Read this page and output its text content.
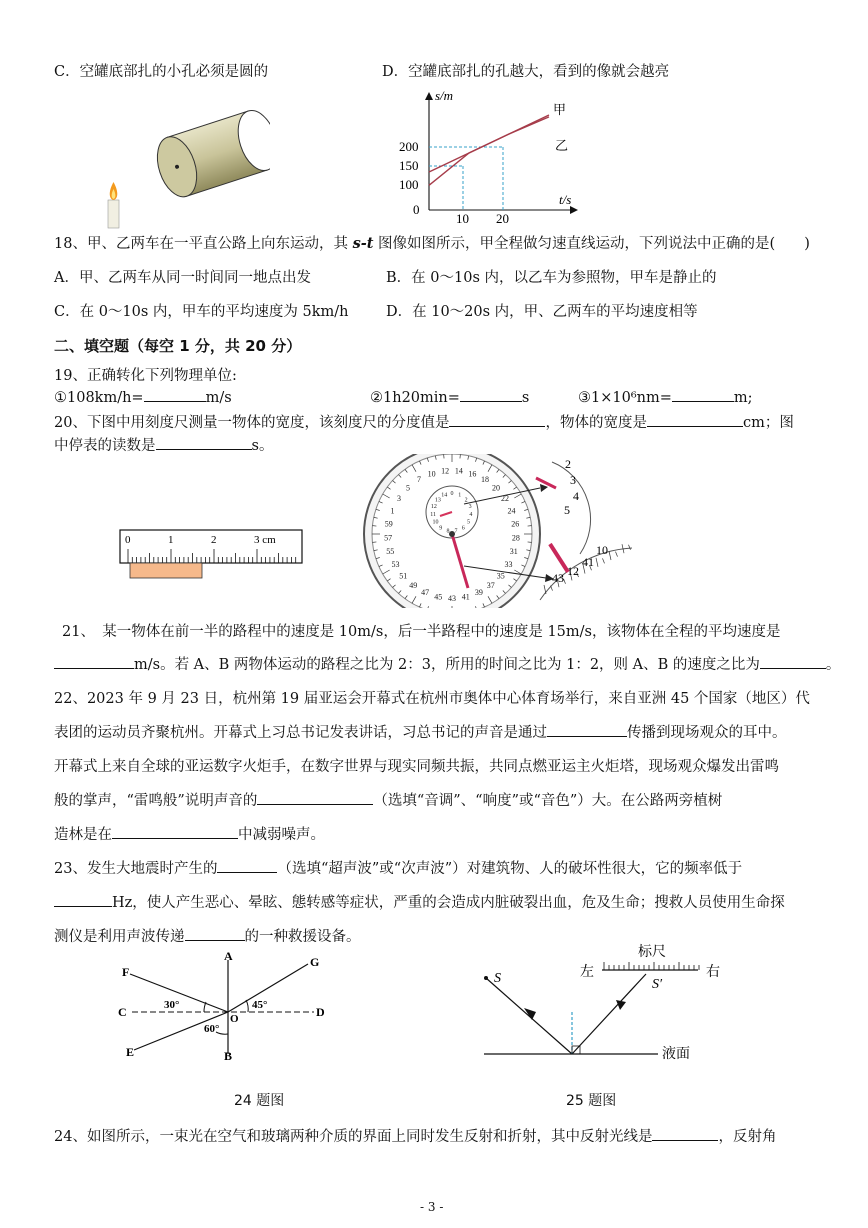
C．空罐底部扎的小孔必须是圆的	D．空罐底部扎的孔越大，看到的像就会越亮
s/m
t/s
200
150
100
0
10 20
甲
乙
18、甲、乙两车在一平直公路上向东运动，其 s-t 图像如图所示，甲全程做匀速直线运动，下列说法中正确的是(　　)
A．甲、乙两车从同一时间同一地点出发	B．在 0～10s 内，以乙车为参照物，甲车是静止的
C．在 0～10s 内，甲车的平均速度为 5km/h	D．在 10～20s 内，甲、乙两车的平均速度相等
二、填空题（每空 1 分，共 20 分）
19、正确转化下列物理单位:
①108km/h=	m/s	②1h20min=	s	③1×10⁶nm=	m;
20、下图中用刻度尺测量一物体的宽度，该刻度尺的分度值是	，物体的宽度是	cm；图
中停表的读数是	s。
0	1	2	3 cm
43
45
47
49
51
53
55
57
59
1
3
5
7
10 12 14 16
18
20
22
24
26
28
31
33
35
37
39
41
0 1
2
3
4
5
6
7
8
9
10
11
12
13
14
2
3
4
5
10
41
43 12
21、　某一物体在前一半的路程中的速度是 10m/s，后一半路程中的速度是 15m/s，该物体在全程的平均速度是
m/s。若 A、B 两物体运动的路程之比为 2：3，所用的时间之比为 1：2，则 A、B 的速度之比为	。
22、2023 年 9 月 23 日，杭州第 19 届亚运会开幕式在杭州市奥体中心体育场举行，来自亚洲 45 个国家（地区）代
表团的运动员齐聚杭州。开幕式上习总书记发表讲话，习总书记的声音是通过	传播到现场观众的耳中。
开幕式上来自全球的亚运数字火炬手，在数字世界与现实同频共振，共同点燃亚运主火炬塔，现场观众爆发出雷鸣
般的掌声，“雷鸣般”说明声音的	（选填“音调”、“响度”或“音色”）大。在公路两旁植树
造林是在	中减弱噪声。
23、发生大地震时产生的	（选填“超声波”或“次声波”）对建筑物、人的破坏性很大，它的频率低于
Hz，使人产生恶心、晕眩、態转感等症状，严重的会造成内脏破裂出血，危及生命；搜救人员使用生命探
测仪是利用声波传递	的一种救援设备。
F
A	G
C	D
E	B
O
30°	45°
60°
24 题图
S	S′
标尺
左	右
液面
25 题图
24、如图所示，一束光在空气和玻璃两种介质的界面上同时发生反射和折射，其中反射光线是	，反射角
- 3 -
